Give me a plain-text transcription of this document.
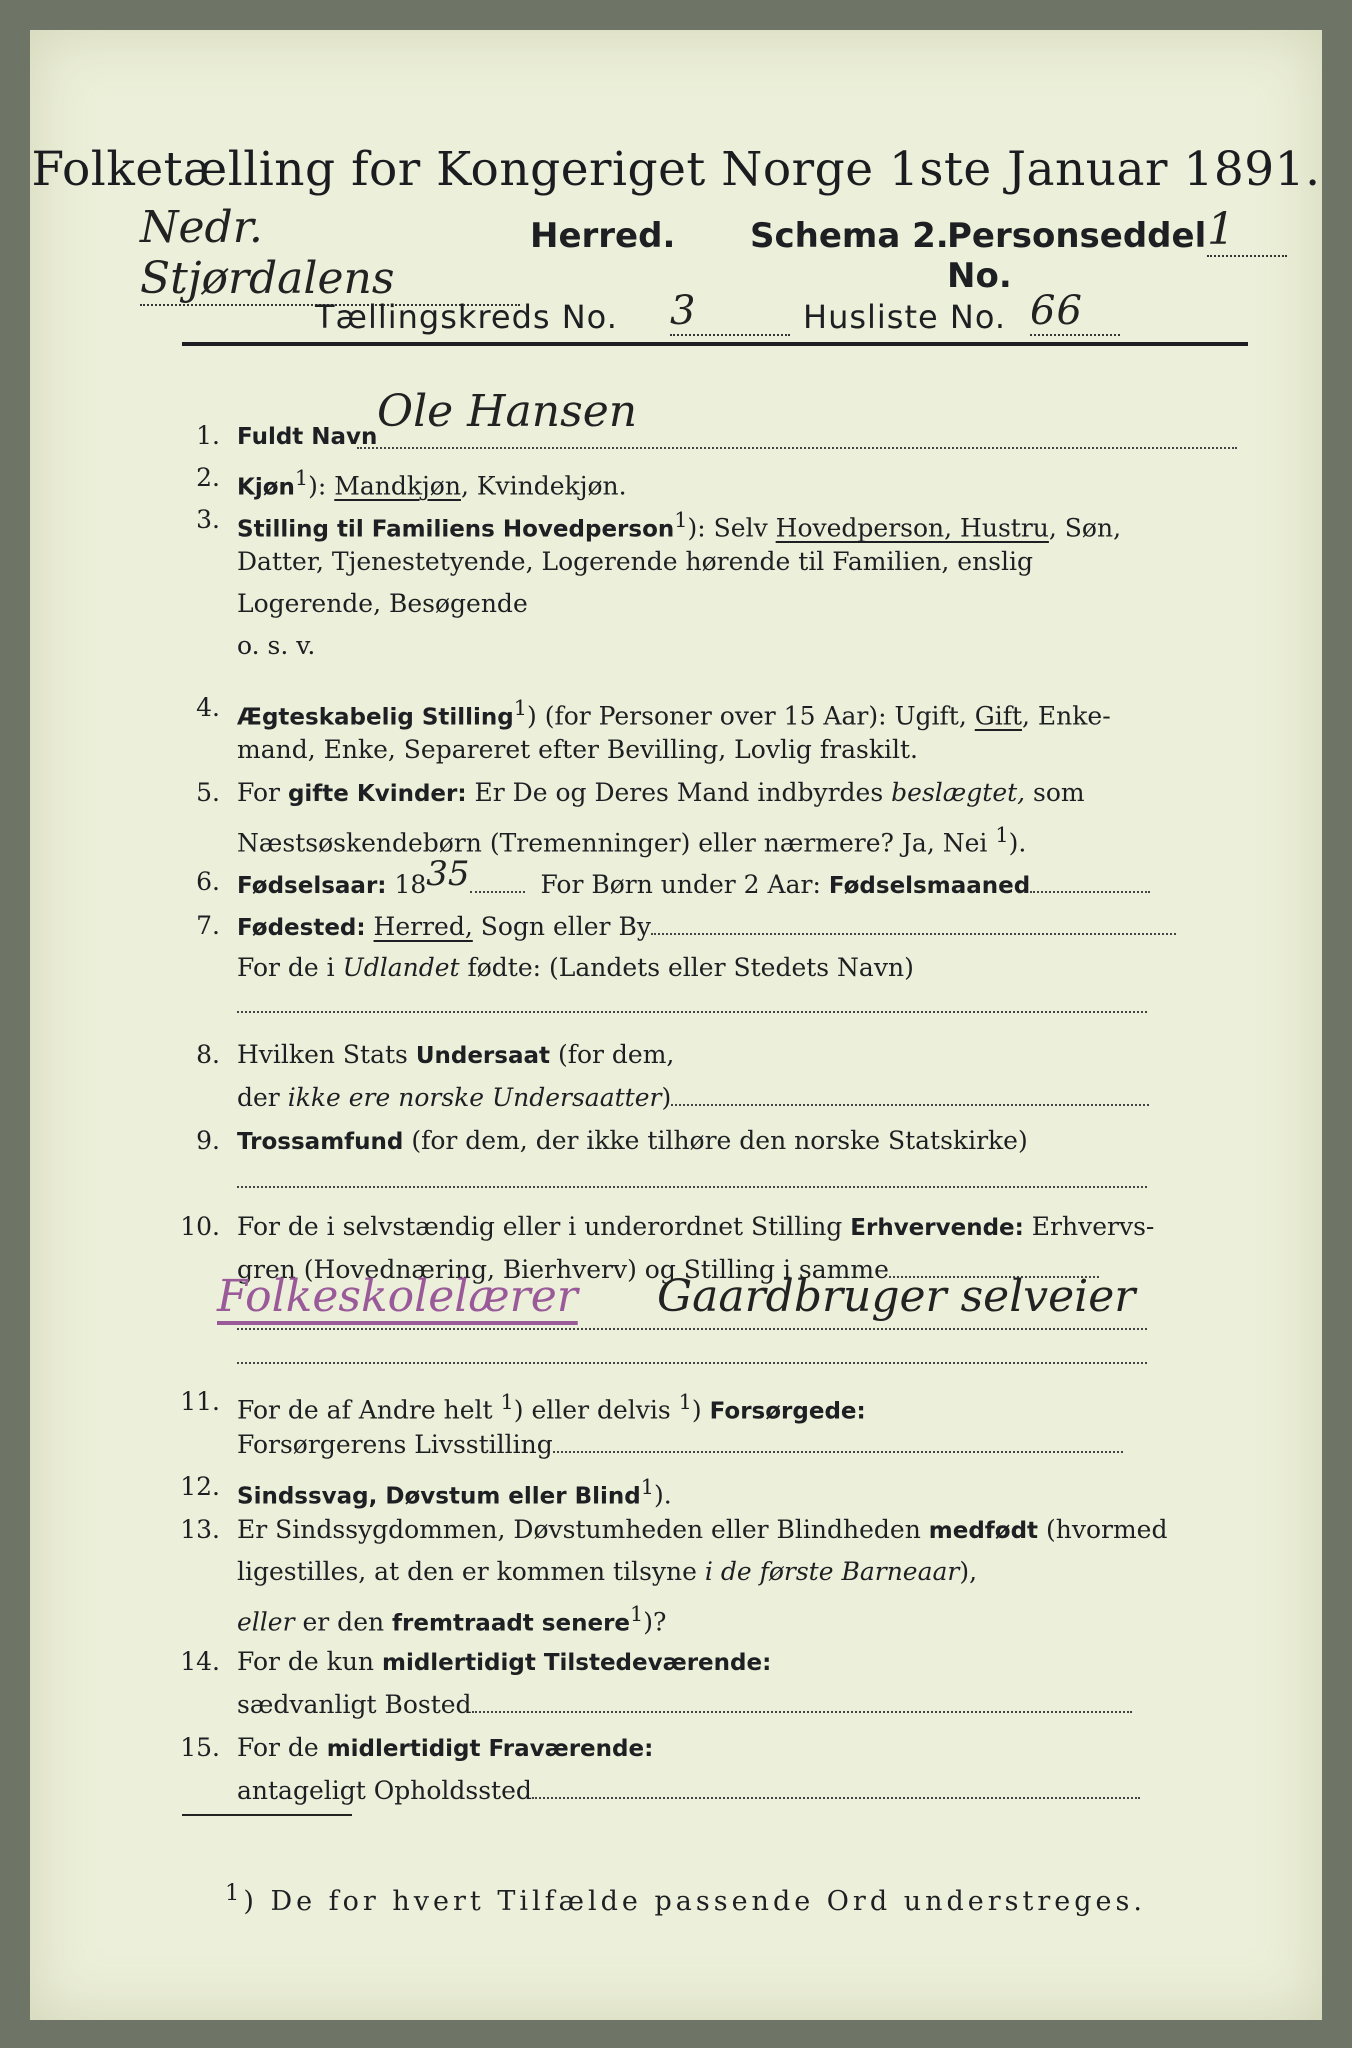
Folketælling for Kongeriget Norge 1ste Januar 1891.
Nedr. Stjørdalens
Herred. Schema 2.
Personseddel No.
1
Tællingskreds No. 3	Husliste No. 66
1. Fuldt Navn Ole Hansen
2. Kjøn$^1$): Mandkjøn, Kvindekjøn.
3. Stilling til Familiens Hovedperson$^1$): Selv Hovedperson, Hustru, Søn,
Datter, Tjenestetyende, Logerende hørende til Familien, enslig
Logerende, Besøgende
o. s. v.
4. Ægteskabelig Stilling$^1$) (for Personer over 15 Aar): Ugift, Gift, Enke-
mand, Enke, Separeret efter Bevilling, Lovlig fraskilt.
5. For gifte Kvinder: Er De og Deres Mand indbyrdes beslægtet, som
Næstsøskendebørn (Tremenninger) eller nærmere? Ja, Nei $^1$).
6. Fødselsaar: 1835	For Børn under 2 Aar: Fødselsmaaned
7. Fødested: Herred, Sogn eller By
For de i Udlandet fødte: (Landets eller Stedets Navn)
8. Hvilken Stats Undersaat (for dem,
der ikke ere norske Undersaatter)
9. Trossamfund (for dem, der ikke tilhøre den norske Statskirke)
10. For de i selvstændig eller i underordnet Stilling Erhvervende: Erhvervs-
gren (Hovednæring, Bierhverv) og Stilling i samme
Folkeskolelærer Gaardbruger selveier
11. For de af Andre helt $^1$) eller delvis $^1$) Forsørgede:
Forsørgerens Livsstilling
12. Sindssvag, Døvstum eller Blind$^1$).
13. Er Sindssygdommen, Døvstumheden eller Blindheden medfødt (hvormed
ligestilles, at den er kommen tilsyne i de første Barneaar),
eller er den fremtraadt senere$^1$)?
14. For de kun midlertidigt Tilstedeværende:
sædvanligt Bosted
15. For de midlertidigt Fraværende:
antageligt Opholdssted
$^1$) De for hvert Tilfælde passende Ord understreges.
